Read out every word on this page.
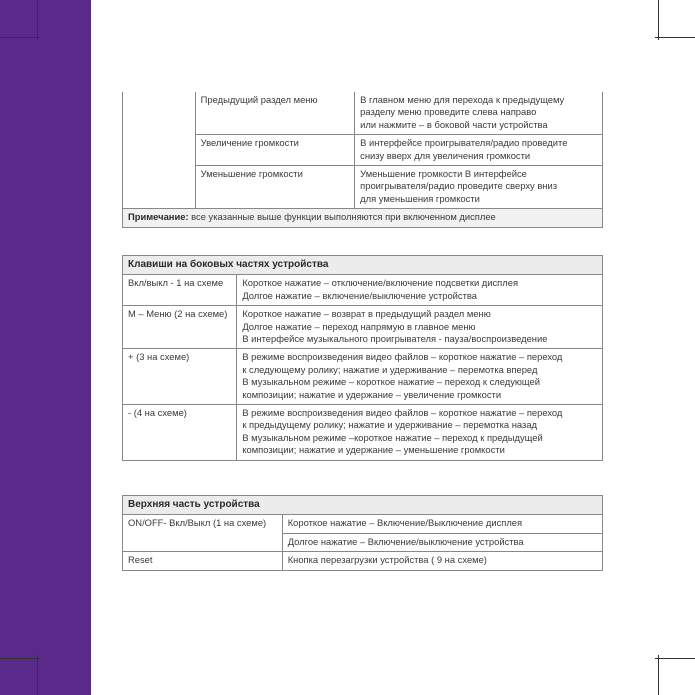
	Предыдущий раздел меню	В главном меню для перехода к предыдущему
разделу меню проведите слева направо
или нажмите – в боковой части устройства

	Увеличение громкости	В интерфейсе проигрывателя/радио проведите
снизу вверх для увеличения громкости

	Уменьшение громкости	Уменьшение громкости В интерфейсе
проигрывателя/радио проведите сверху вниз
для уменьшения громкости

Примечание: все указанные выше функции выполняются при включенном дисплее		
Клавиши на боковых частях устройства	
Вкл/выкл - 1 на схеме	Короткое нажатие – отключение/включение подсветки дисплея
Долгое нажатие – включение/выключение устройства

М – Меню (2 на схеме)	Короткое нажатие – возврат в предыдущий раздел меню
Долгое нажатие – переход напрямую в главное меню
В интерфейсе музыкального проигрывателя - пауза/воспроизведение

+ (3 на схеме)	В режиме воспроизведения видео файлов – короткое нажатие – переход
к следующему ролику; нажатие и удерживание – перемотка вперед
В музыкальном режиме – короткое нажатие – переход к следующей
композиции; нажатие и удержание – увеличение громкости

- (4 на схеме)	В режиме воспроизведения видео файлов – короткое нажатие – переход
к предыдущему ролику; нажатие и удерживание – перемотка назад
В музыкальном режиме –короткое нажатие – переход к предыдущей
композиции; нажатие и удержание – уменьшение громкости
Верхняя часть устройства	
ON/OFF- Вкл/Выкл (1 на схеме)	Короткое нажатие – Включение/Выключение дисплея
	Долгое нажатие – Включение/выключение устройства
Reset	Кнопка перезагрузки устройства ( 9 на схеме)
